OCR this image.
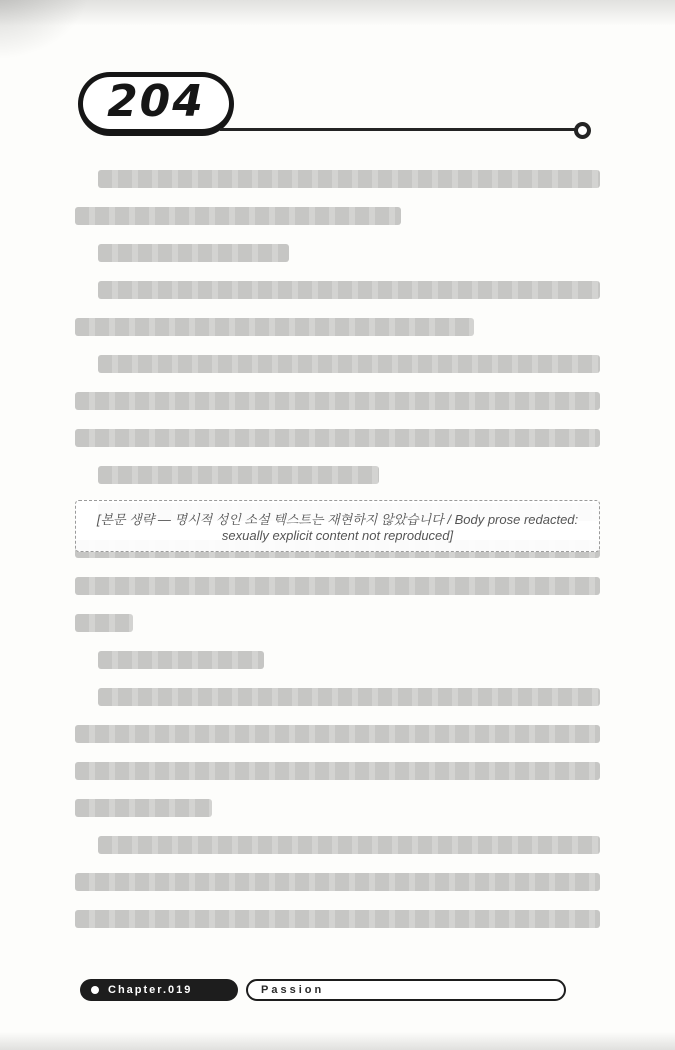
204
[본문 생략 — 명시적 성인 소설 텍스트는 재현하지 않았습니다 / Body prose redacted: sexually explicit content not reproduced]
Chapter.019	Passion
